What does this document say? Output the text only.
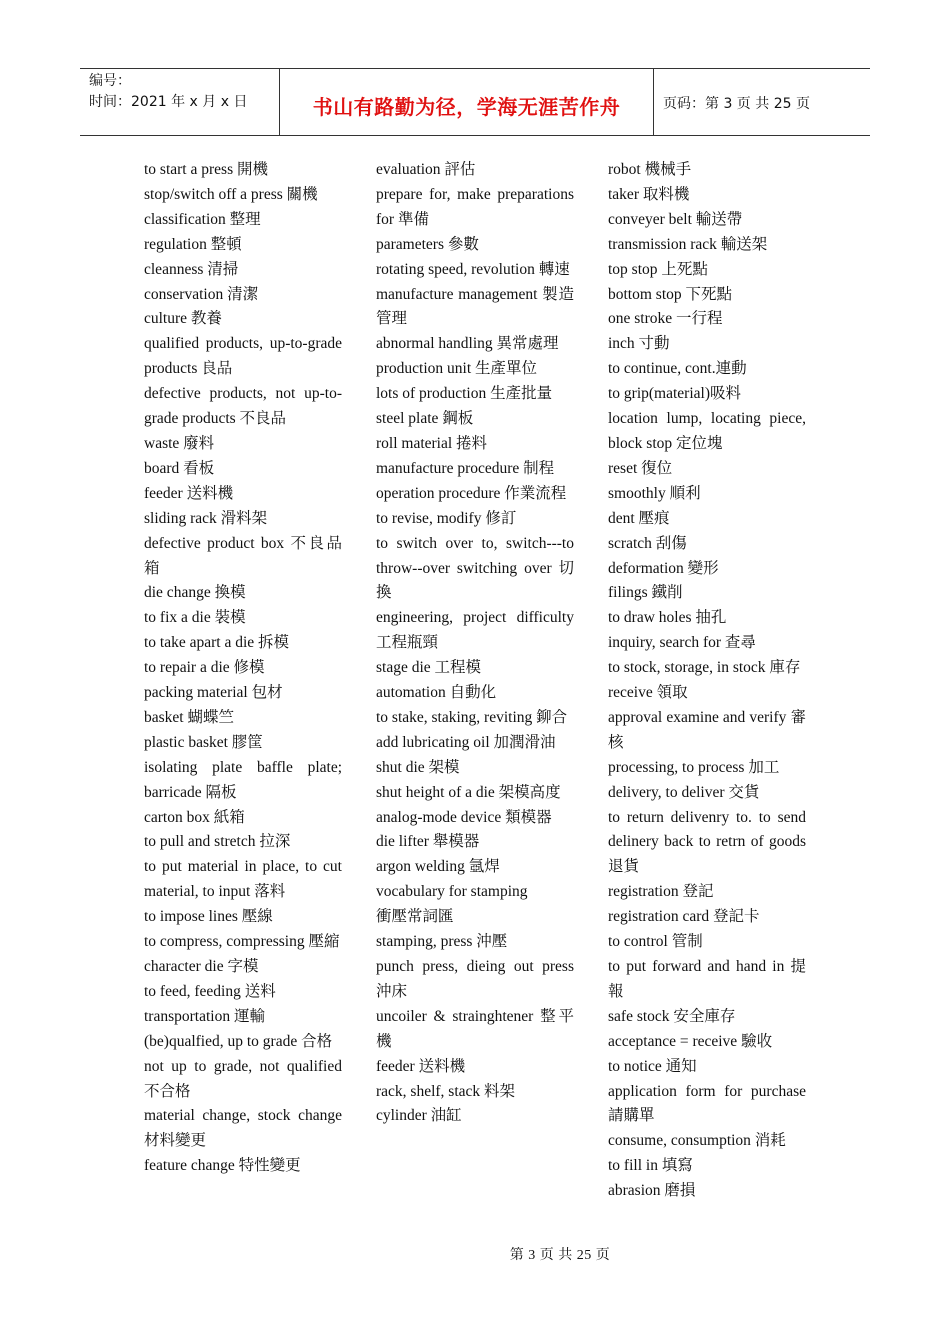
编号：
时间：2021 年 x 月 x 日	书山有路勤为径，学海无涯苦作舟	页码：第 3 页 共 25 页
to start a press 開機
stop/switch off a press 關機
classification 整理
regulation 整頓
cleanness 清掃
conservation 清潔
culture 教養
qualified products, up-to-grade products 良品
defective products, not up-to-grade products 不良品
waste 廢料
board 看板
feeder 送料機
sliding rack 滑料架
defective product box 不良品箱
die change 換模
to fix a die 裝模
to take apart a die 拆模
to repair a die 修模
packing material 包材
basket 蝴蝶竺
plastic basket 膠筐
isolating plate baffle plate; barricade 隔板
carton box 紙箱
to pull and stretch 拉深
to put material in place, to cut material, to input 落料
to impose lines 壓線
to compress, compressing 壓縮
character die 字模
to feed, feeding 送料
transportation 運輸
(be)qualfied, up to grade 合格
not up to grade, not qualified 不合格
material change, stock change 材料變更
feature change 特性變更
evaluation 評估
prepare for, make preparations for 準備
parameters 參數
rotating speed, revolution 轉速
manufacture management 製造管理
abnormal handling 異常處理
production unit 生產單位
lots of production 生產批量
steel plate 鋼板
roll material 捲料
manufacture procedure 制程
operation procedure 作業流程
to revise, modify 修訂
to switch over to, switch---to throw--over switching over 切換
engineering, project difficulty 工程瓶頸
stage die 工程模
automation 自動化
to stake, staking, reviting 鉚合
add lubricating oil 加潤滑油
shut die 架模
shut height of a die 架模高度
analog-mode device 類模器
die lifter 舉模器
argon welding 氬焊
vocabulary for stamping
衝壓常詞匯
stamping, press 沖壓
punch press, dieing out press 沖床
uncoiler & strainghtener 整平機
feeder 送料機
rack, shelf, stack 料架
cylinder 油缸
robot 機械手
taker 取料機
conveyer belt 輸送帶
transmission rack 輸送架
top stop 上死點
bottom stop 下死點
one stroke 一行程
inch 寸動
to continue, cont.連動
to grip(material)吸料
location lump, locating piece, block stop 定位塊
reset 復位
smoothly 順利
dent 壓痕
scratch 刮傷
deformation 變形
filings 鐵削
to draw holes 抽孔
inquiry, search for 查尋
to stock, storage, in stock 庫存
receive 領取
approval examine and verify 審核
processing, to process 加工
delivery, to deliver 交貨
to return delivenry to. to send delinery back to retrn of goods 退貨
registration 登記
registration card 登記卡
to control 管制
to put forward and hand in 提報
safe stock 安全庫存
acceptance = receive 驗收
to notice 通知
application form for purchase 請購單
consume, consumption 消耗
to fill in 填寫
abrasion 磨損
第 3 页 共 25 页
